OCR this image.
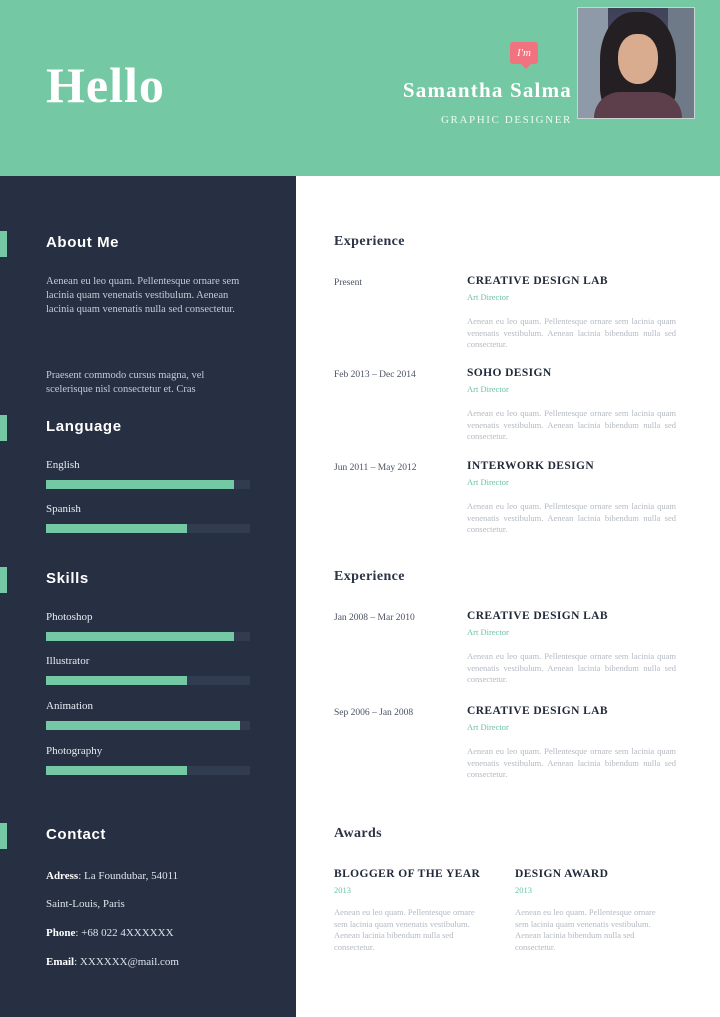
Hello
I'm
Samantha Salma
GRAPHIC DESIGNER
About Me
Aenean eu leo quam. Pellentesque ornare sem lacinia quam venenatis vestibulum. Aenean lacinia quam venenatis nulla sed consectetur.
Praesent commodo cursus magna, vel scelerisque nisl consectetur et. Cras
Language
English
Spanish
Skills
Photoshop
Illustrator
Animation
Photography
Contact
Adress: La Foundubar, 54011
Saint-Louis, Paris
Phone: +68 022 4XXXXXX
Email: XXXXXX@mail.com
Experience
Present	CREATIVE DESIGN LAB
Art Director
Aenean eu leo quam. Pellentesque ornare sem lacinia quam venenatis vestibulum. Aenean lacinia bibendum nulla sed consectetur.
Feb 2013 – Dec 2014	SOHO DESIGN
Art Director
Aenean eu leo quam. Pellentesque ornare sem lacinia quam venenatis vestibulum. Aenean lacinia bibendum nulla sed consectetur.
Jun 2011 – May 2012	INTERWORK DESIGN
Art Director
Aenean eu leo quam. Pellentesque ornare sem lacinia quam venenatis vestibulum. Aenean lacinia bibendum nulla sed consectetur.
Experience
Jan 2008 – Mar 2010	CREATIVE DESIGN LAB
Art Director
Aenean eu leo quam. Pellentesque ornare sem lacinia quam venenatis vestibulum. Aenean lacinia bibendum nulla sed consectetur.
Sep 2006 – Jan 2008	CREATIVE DESIGN LAB
Art Director
Aenean eu leo quam. Pellentesque ornare sem lacinia quam venenatis vestibulum. Aenean lacinia bibendum nulla sed consectetur.
Awards
BLOGGER OF THE YEAR
2013
Aenean eu leo quam. Pellentesque ornare sem lacinia quam venenatis vestibulum. Aenean lacinia bibendum nulla sed consectetur.
DESIGN AWARD
2013
Aenean eu leo quam. Pellentesque ornare sem lacinia quam venenatis vestibulum. Aenean lacinia bibendum nulla sed consectetur.
